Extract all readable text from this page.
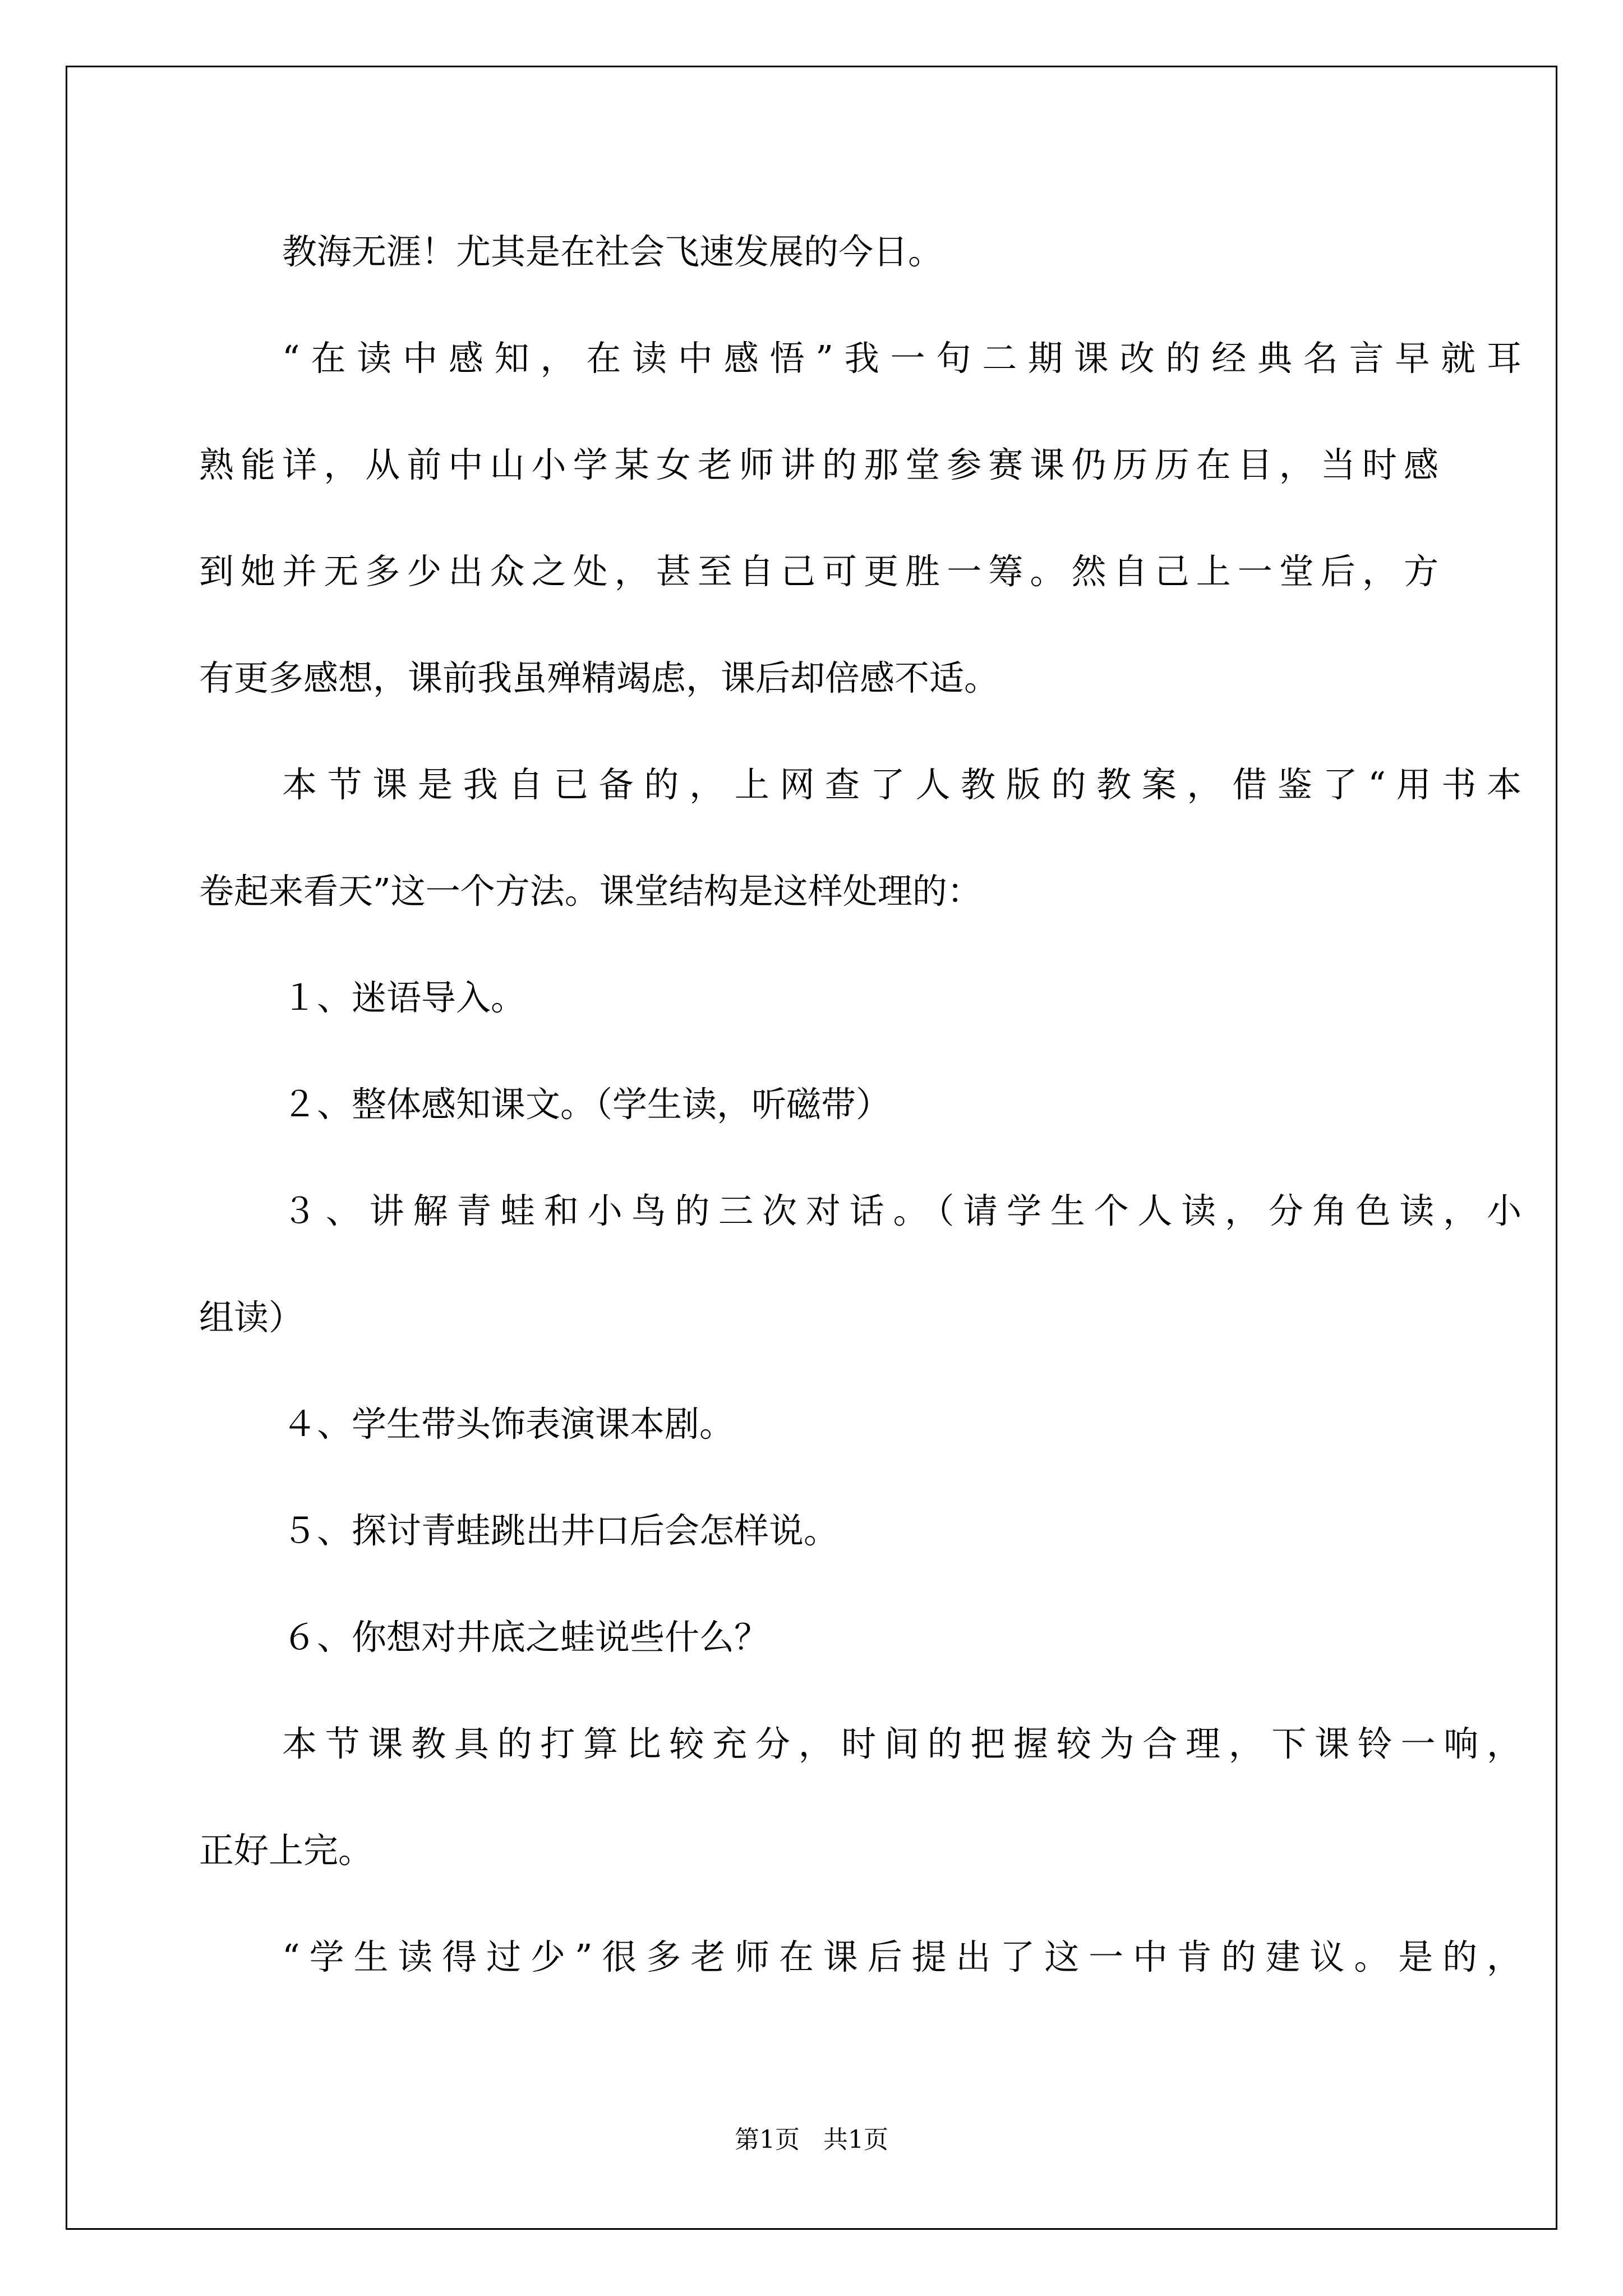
教海无涯！尤其是在社会飞速发展的今日。
“在读中感知，在读中感悟”我一句二期课改的经典名言早就耳
熟能详，从前中山小学某女老师讲的那堂参赛课仍历历在目，当时感
到她并无多少出众之处，甚至自己可更胜一筹。然自己上一堂后，方
有更多感想，课前我虽殚精竭虑，课后却倍感不适。
本节课是我自已备的，上网查了人教版的教案，借鉴了“用书本
卷起来看天”这一个方法。课堂结构是这样处理的：
１、迷语导入。
２、整体感知课文。（学生读，听磁带）
３、讲解青蛙和小鸟的三次对话。（请学生个人读，分角色读，小
组读）
４、学生带头饰表演课本剧。
５、探讨青蛙跳出井口后会怎样说。
６、你想对井底之蛙说些什么？
本节课教具的打算比较充分，时间的把握较为合理，下课铃一响，
正好上完。
“学生读得过少”很多老师在课后提出了这一中肯的建议。是的，
第1页   共1页
